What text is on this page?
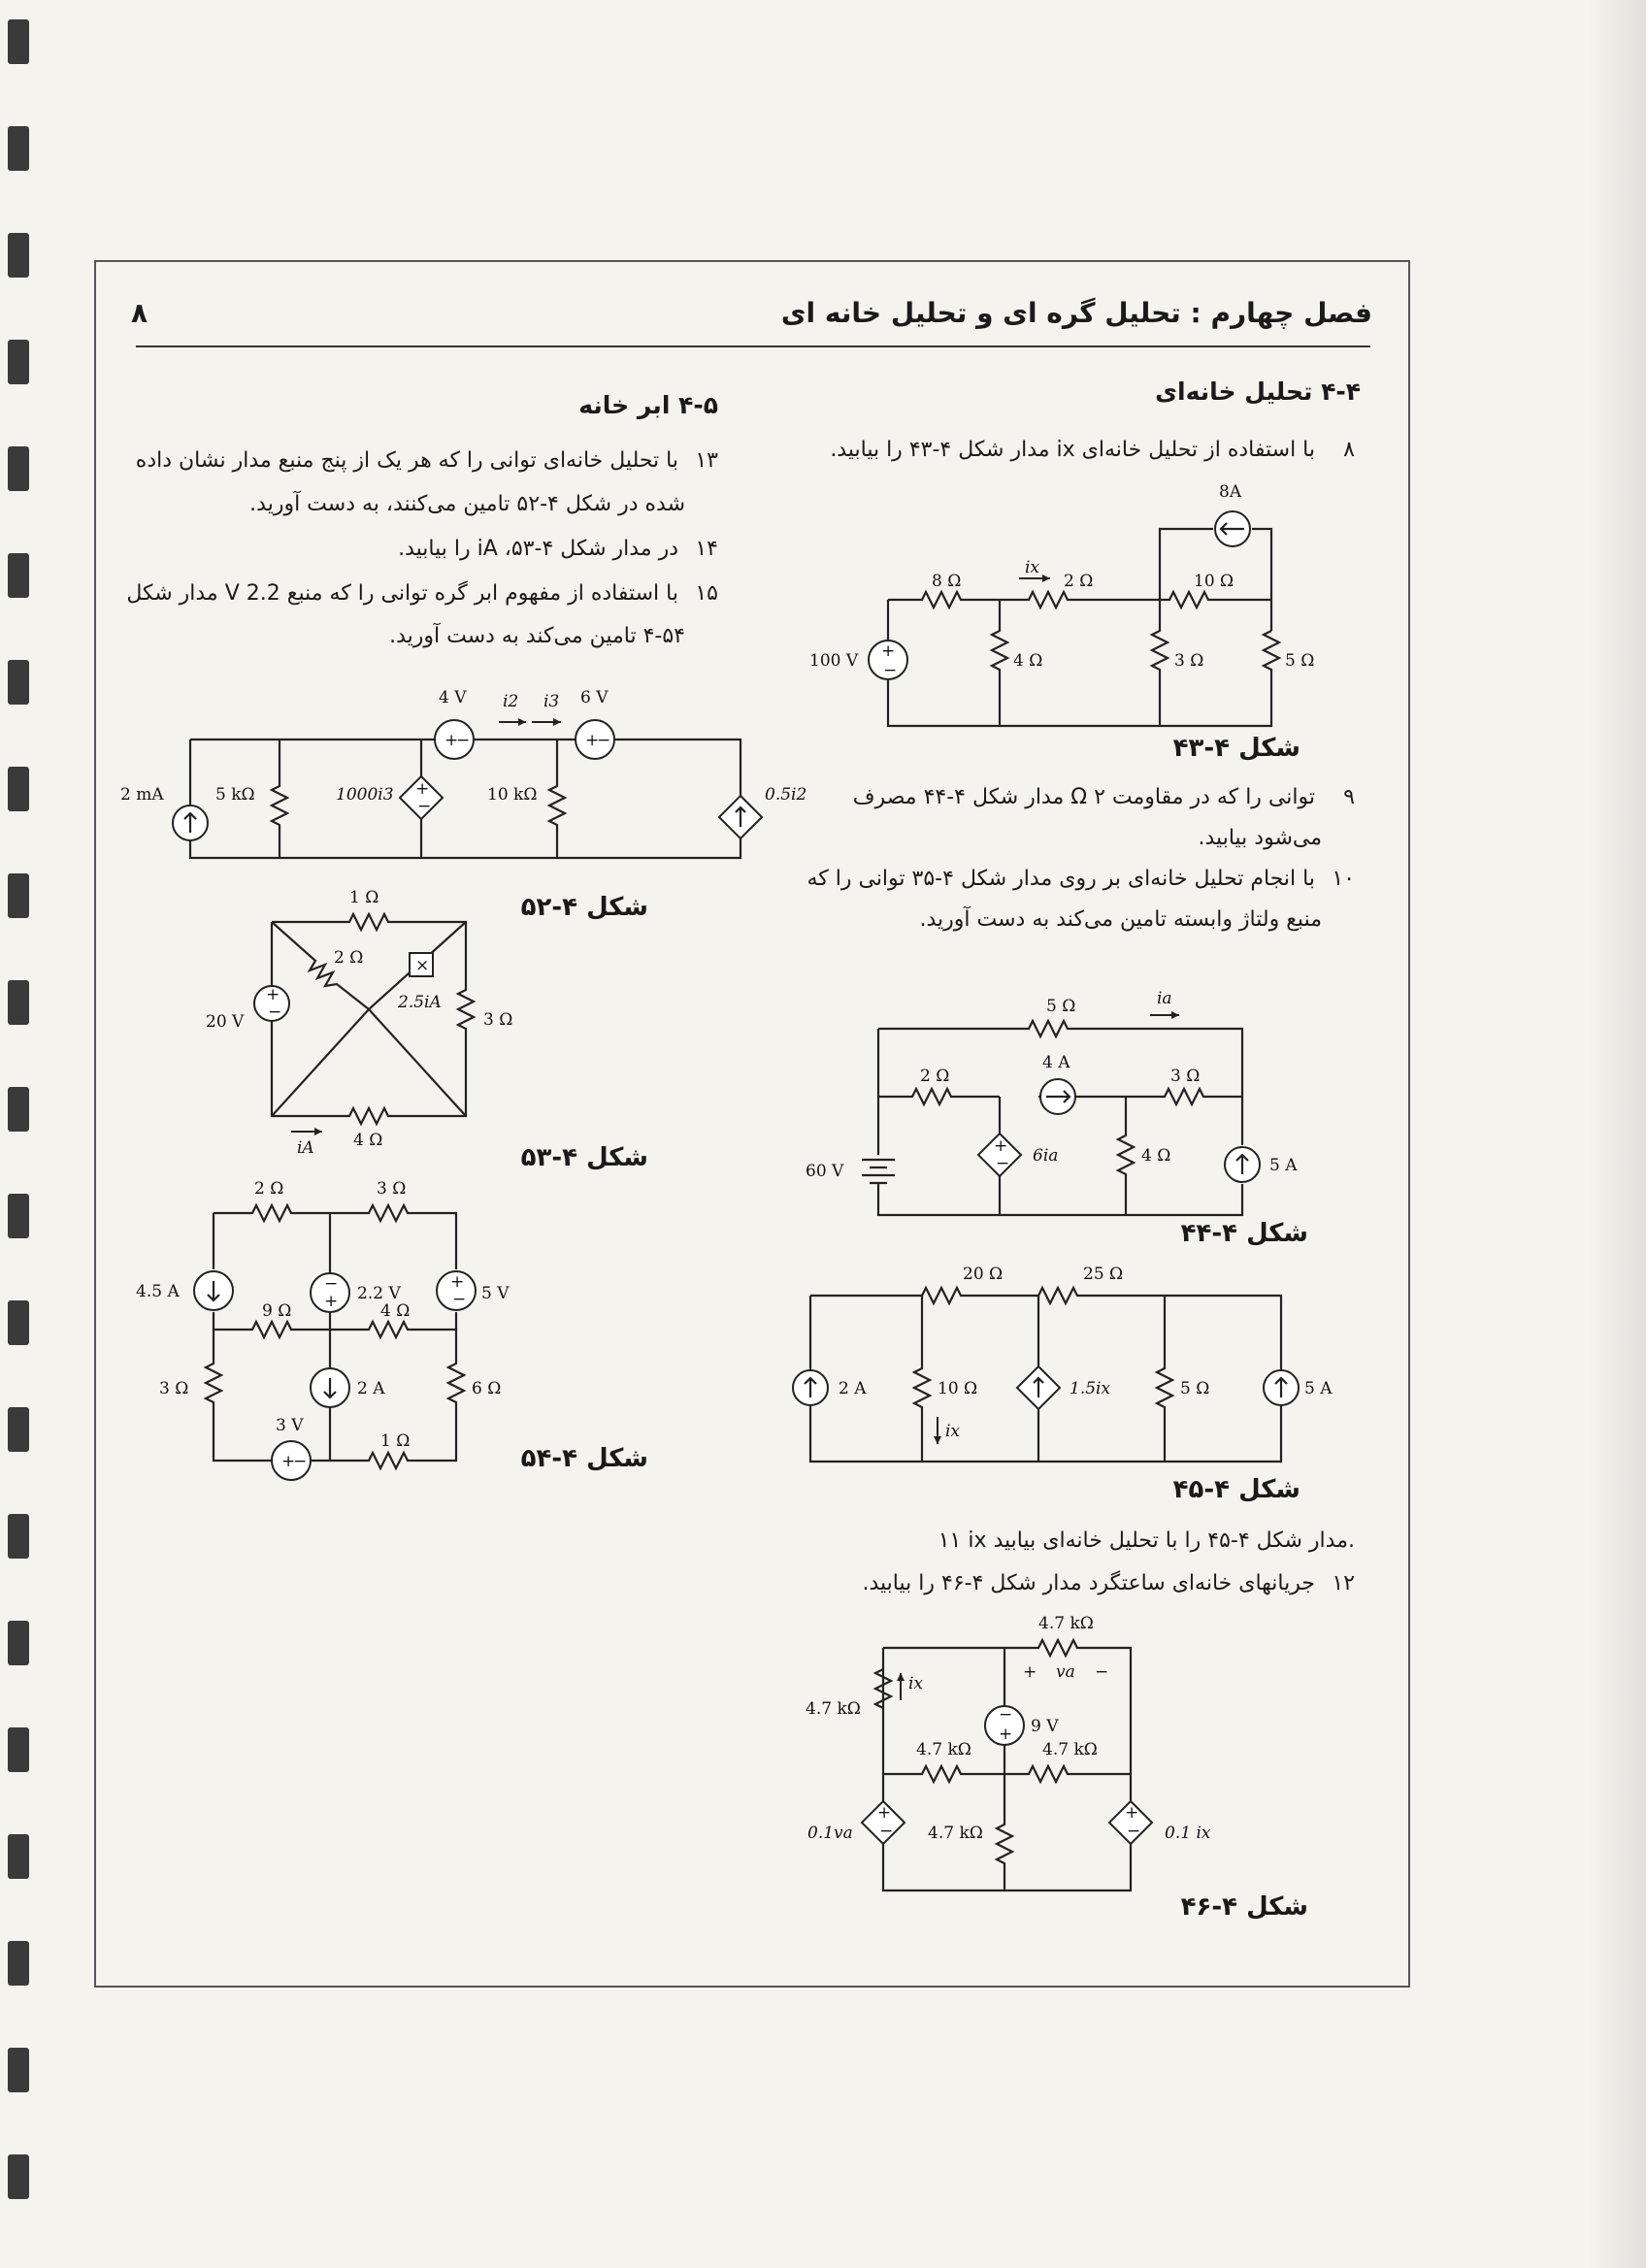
۸	فصل چهارم : تحلیل گره ای و تحلیل خانه ای
۴-۴ تحلیل خانه‌ای
۸ با استفاده از تحلیل خانه‌ای ix مدار شکل ۴-۴۳ را بیابید.
۹ توانی را که در مقاومت Ω ۲ مدار شکل ۴-۴۴ مصرف
می‌شود بیابید.
۱۰ با انجام تحلیل خانه‌ای بر روی مدار شکل ۴-۳۵ توانی را که
منبع ولتاژ وابسته تامین می‌کند به دست آورید.
۱۱ ix مدار شکل ۴-۴۵ را با تحلیل خانه‌ای بیابید.
۱۲ جریانهای خانه‌ای ساعتگرد مدار شکل ۴-۴۶ را بیابید.
۴-۵ ابر خانه
۱۳ با تحلیل خانه‌ای توانی را که هر یک از پنج منبع مدار نشان داده
شده در شکل ۴-۵۲ تامین می‌کنند، به دست آورید.
۱۴ در مدار شکل ۴-۵۳، iA را بیابید.
۱۵ با استفاده از مفهوم ابر گره توانی را که منبع 2.2 V مدار شکل
۴-۵۴ تامین می‌کند به دست آورید.
+
−
8A
8 Ω
ix
2 Ω	10 Ω
100 V	4 Ω	3 Ω	5 Ω
شکل ۴-۴۳
+
−
5 Ω	ia
2 Ω
4 A
3 Ω
60 V
6ia	4 Ω	5 A
شکل ۴-۴۴
20 Ω	25 Ω
2 A	10 Ω
ix
1.5ix	5 Ω	5 A
شکل ۴-۴۵
−
+
+
−
+
−
4.7 kΩ
+ va −
ix
4.7 kΩ
9 V
4.7 kΩ	4.7 kΩ
0.1va	4.7 kΩ	0.1 ix
شکل ۴-۴۶
+
−	+
−
+
−
4 V i2 i3 6 V
2 mA	5 kΩ	1000i3	10 kΩ	0.5i2
شکل ۴-۵۲
×
+
−
1 Ω
2 Ω
20 V
2.5iA
3 Ω
iA 4 Ω
شکل ۴-۵۳
−
+
+
−
+
−
2 Ω	3 Ω
4.5 A	2.2 V	5 V
9 Ω	4 Ω
3 Ω	2 A	6 Ω
3 V
1 Ω
شکل ۴-۵۴
